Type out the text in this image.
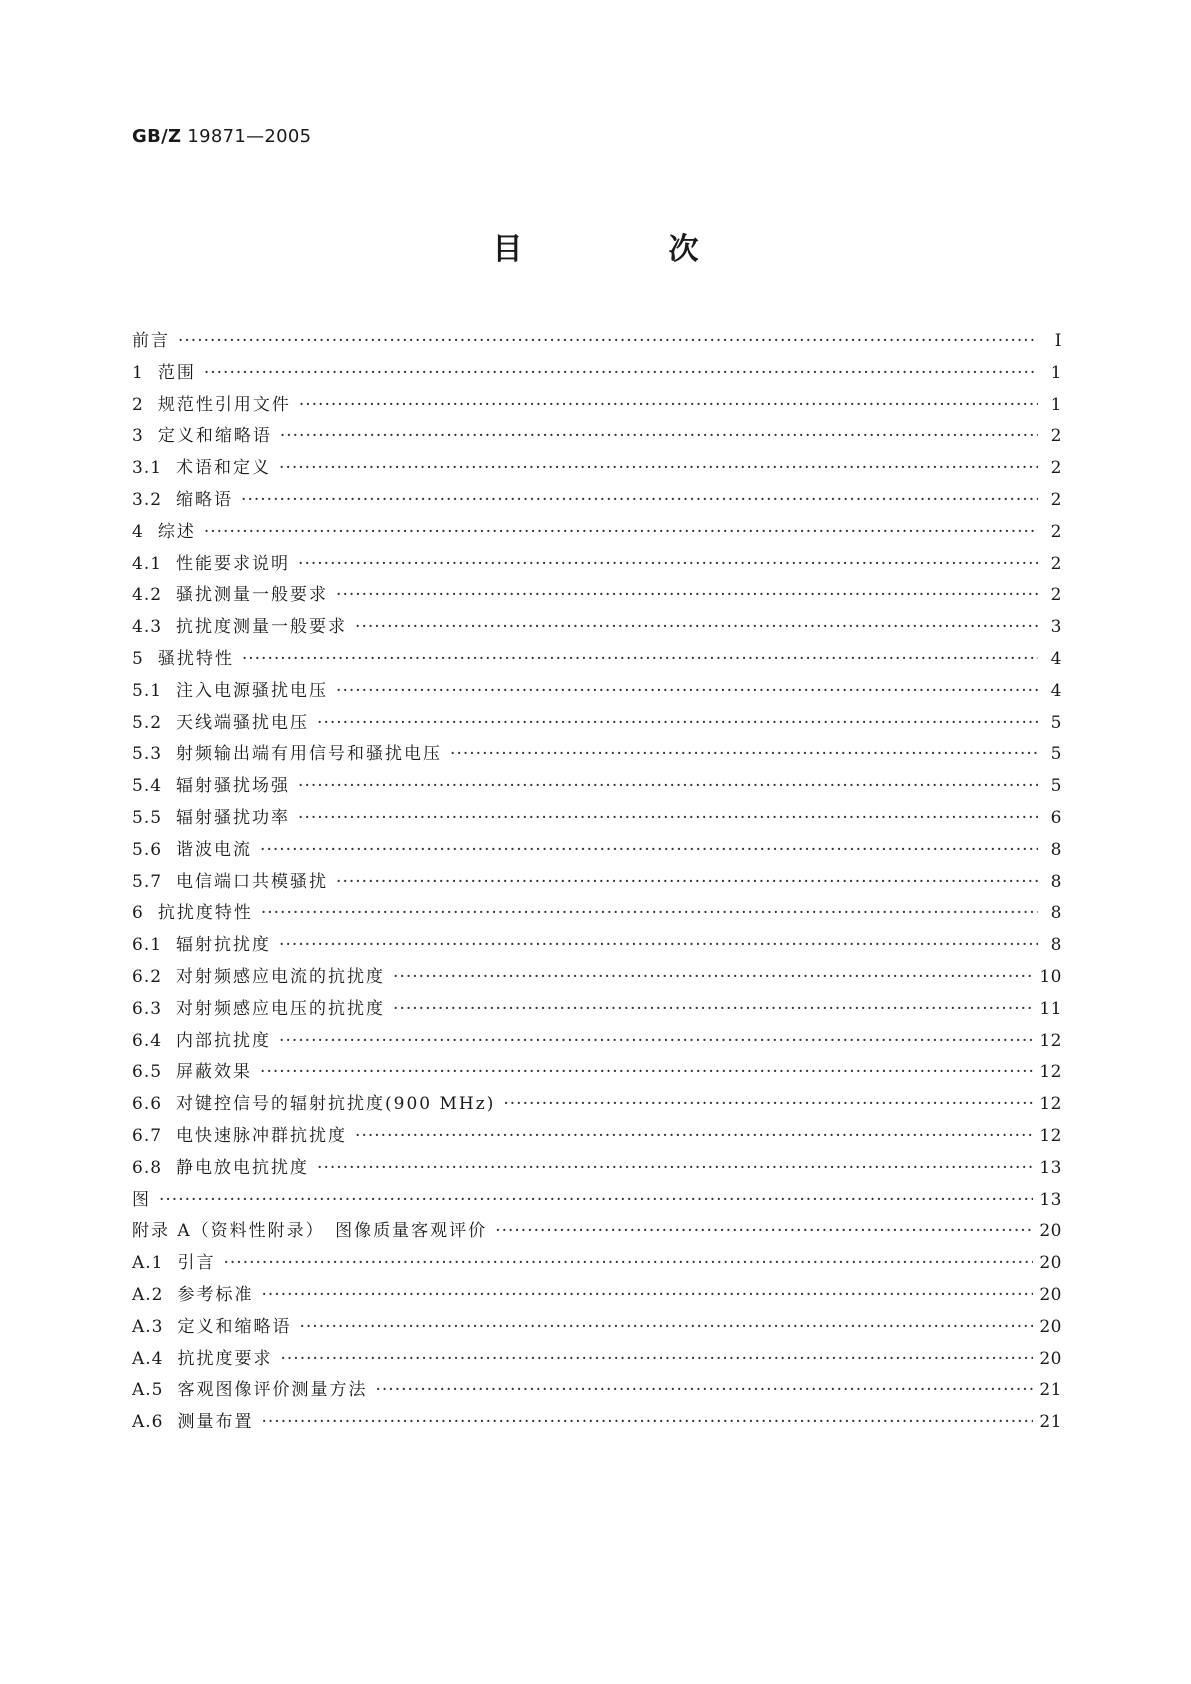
GB/Z 19871—2005
目　次
前言 ·····	Ⅰ
1 范围 ·····	1
2 规范性引用文件 ·····	1
3 定义和缩略语 ·····	2
3.1 术语和定义 ·····	2
3.2 缩略语 ·····	2
4 综述 ·····	2
4.1 性能要求说明 ·····	2
4.2 骚扰测量一般要求 ·····	2
4.3 抗扰度测量一般要求 ·····	3
5 骚扰特性 ·····	4
5.1 注入电源骚扰电压 ·····	4
5.2 天线端骚扰电压 ·····	5
5.3 射频输出端有用信号和骚扰电压 ·····	5
5.4 辐射骚扰场强 ·····	5
5.5 辐射骚扰功率 ·····	6
5.6 谐波电流 ·····	8
5.7 电信端口共模骚扰 ·····	8
6 抗扰度特性 ·····	8
6.1 辐射抗扰度 ·····	8
6.2 对射频感应电流的抗扰度 ·····	10
6.3 对射频感应电压的抗扰度 ·····	11
6.4 内部抗扰度 ·····	12
6.5 屏蔽效果 ·····	12
6.6 对键控信号的辐射抗扰度(900 MHz) ·····	12
6.7 电快速脉冲群抗扰度 ·····	12
6.8 静电放电抗扰度 ·····	13
图 ·····	13
附录 A（资料性附录）　图像质量客观评价 ·····	20
A.1 引言 ·····	20
A.2 参考标准 ·····	20
A.3 定义和缩略语 ·····	20
A.4 抗扰度要求 ·····	20
A.5 客观图像评价测量方法 ·····	21
A.6 测量布置 ·····	21
